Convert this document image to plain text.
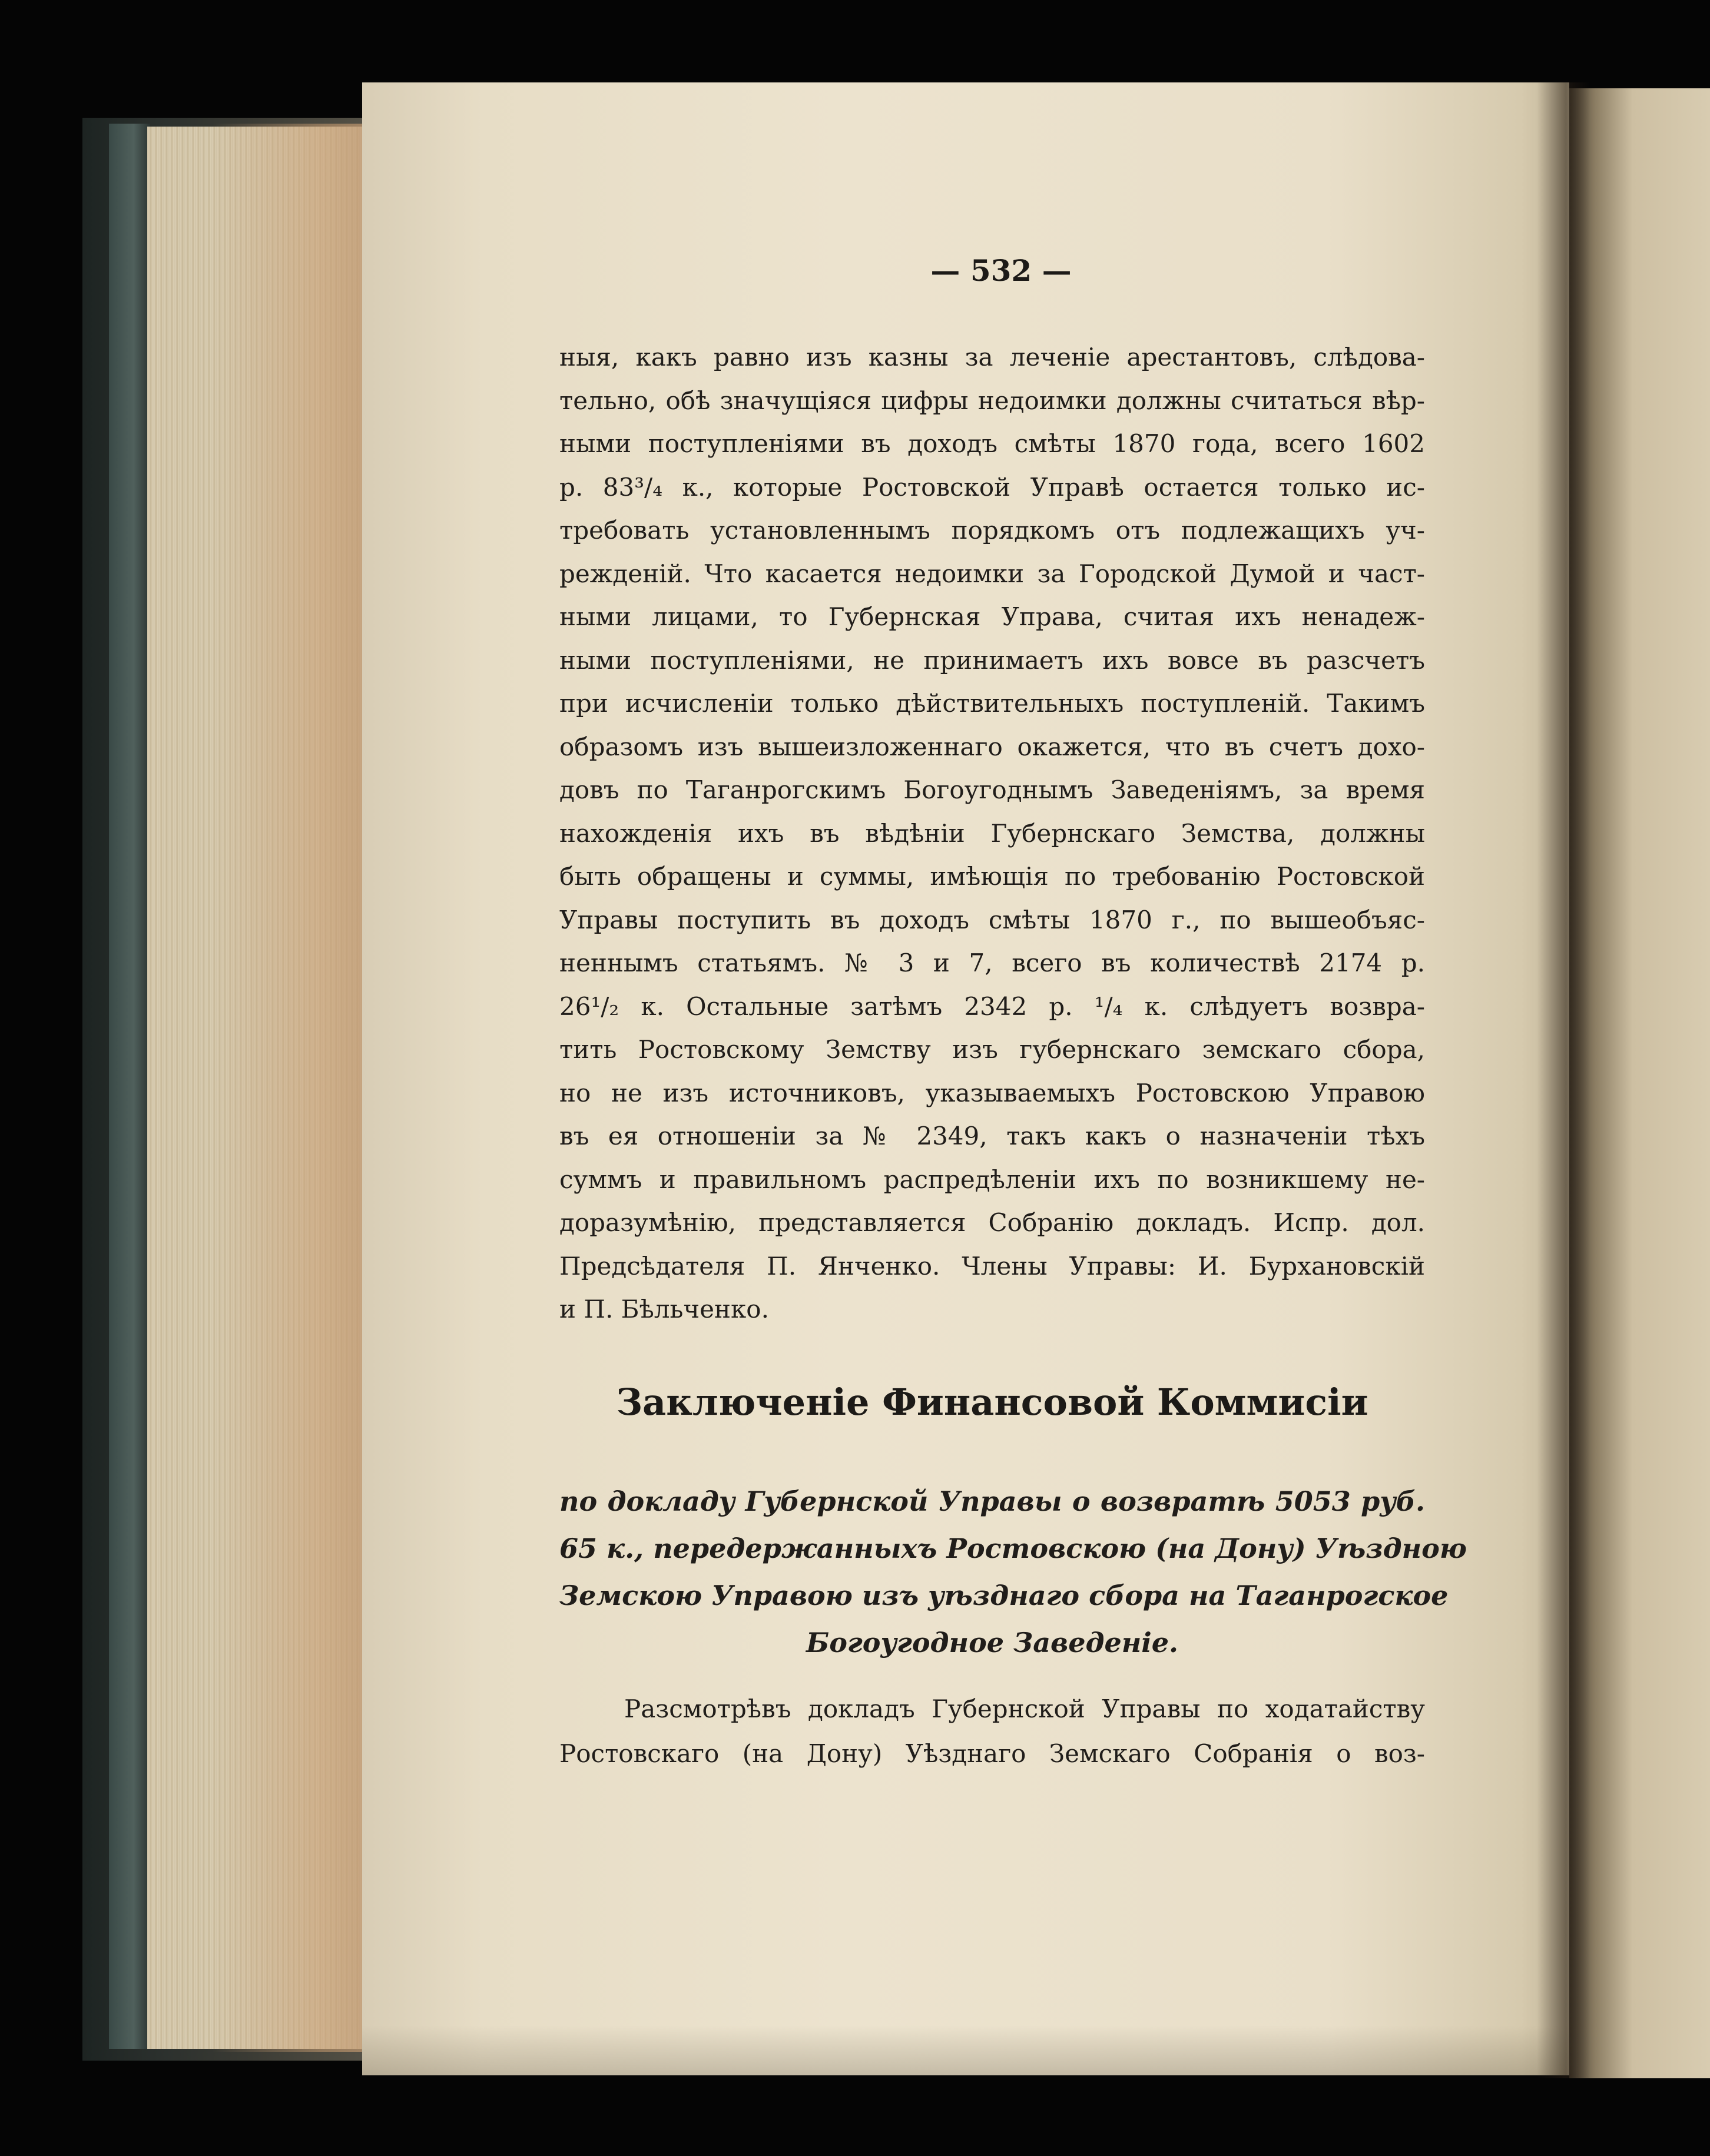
— 532 —
ныя, какъ равно изъ казны за леченіе арестантовъ, слѣдова-
тельно, обѣ значущіяся цифры недоимки должны считаться вѣр-
ными поступленіями въ доходъ смѣты 1870 года, всего 1602
р. 83³/₄ к., которые Ростовской Управѣ остается только ис-
требовать установленнымъ порядкомъ отъ подлежащихъ уч-
режденій. Что касается недоимки за Городской Думой и част-
ными лицами, то Губернская Управа, считая ихъ ненадеж-
ными поступленіями, не принимаетъ ихъ вовсе въ разсчетъ
при исчисленіи только дѣйствительныхъ поступленій. Такимъ
образомъ изъ вышеизложеннаго окажется, что въ счетъ дохо-
довъ по Таганрогскимъ Богоугоднымъ Заведеніямъ, за время
нахожденія ихъ въ вѣдѣніи Губернскаго Земства, должны
быть обращены и суммы, имѣющія по требованію Ростовской
Управы поступить въ доходъ смѣты 1870 г., по вышеобъяс-
неннымъ статьямъ. № 3 и 7, всего въ количествѣ 2174 р.
26¹/₂ к. Остальные затѣмъ 2342 р. ¹/₄ к. слѣдуетъ возвра-
тить Ростовскому Земству изъ губернскаго земскаго сбора,
но не изъ источниковъ, указываемыхъ Ростовскою Управою
въ ея отношеніи за № 2349, такъ какъ о назначеніи тѣхъ
суммъ и правильномъ распредѣленіи ихъ по возникшему не-
доразумѣнію, представляется Собранію докладъ. Испр. дол.
Предсѣдателя П. Янченко. Члены Управы: И. Бурхановскій
и П. Бѣльченко.
Заключеніе Финансовой Коммисіи
по докладу Губернской Управы о возвратѣ 5053 руб.
65 к., передержанныхъ Ростовскою (на Дону) Уѣздною
Земскою Управою изъ уѣзднаго сбора на Таганрогское
Богоугодное Заведеніе.
Разсмотрѣвъ докладъ Губернской Управы по ходатайству
Ростовскаго (на Дону) Уѣзднаго Земскаго Собранія о воз-
